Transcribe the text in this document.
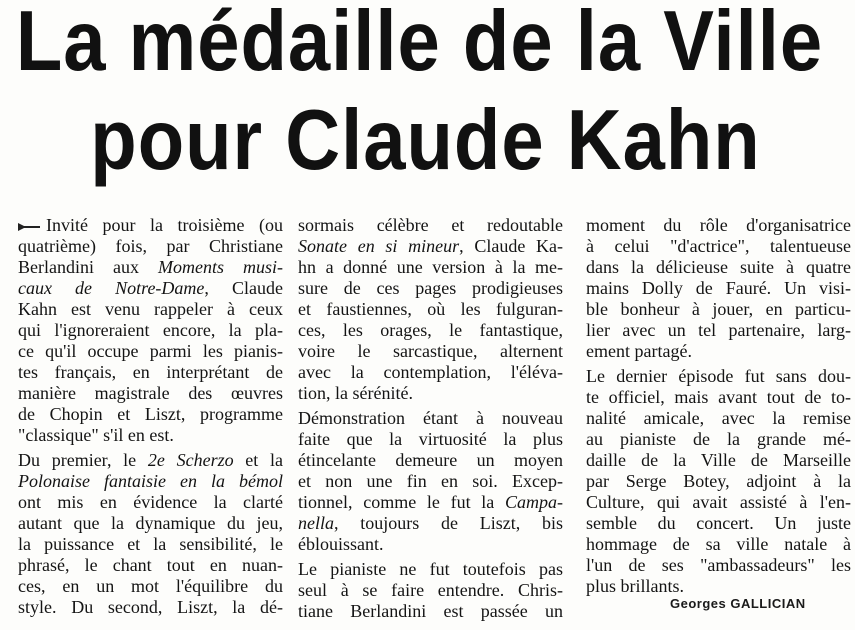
La médaille de la Ville
pour Claude Kahn
Invité pour la troisième (ou
quatrième) fois, par Christiane
Berlandini aux Moments musi-
caux de Notre-Dame, Claude
Kahn est venu rappeler à ceux
qui l'ignoreraient encore, la pla-
ce qu'il occupe parmi les pianis-
tes français, en interprétant de
manière magistrale des œuvres
de Chopin et Liszt, programme
"classique" s'il en est.
Du premier, le 2e Scherzo et la
Polonaise fantaisie en la bémol
ont mis en évidence la clarté
autant que la dynamique du jeu,
la puissance et la sensibilité, le
phrasé, le chant tout en nuan-
ces, en un mot l'équilibre du
style. Du second, Liszt, la dé-
sormais célèbre et redoutable
Sonate en si mineur, Claude Ka-
hn a donné une version à la me-
sure de ces pages prodigieuses
et faustiennes, où les fulguran-
ces, les orages, le fantastique,
voire le sarcastique, alternent
avec la contemplation, l'éléva-
tion, la sérénité.
Démonstration étant à nouveau
faite que la virtuosité la plus
étincelante demeure un moyen
et non une fin en soi. Excep-
tionnel, comme le fut la Campa-
nella, toujours de Liszt, bis
éblouissant.
Le pianiste ne fut toutefois pas
seul à se faire entendre. Chris-
tiane Berlandini est passée un
moment du rôle d'organisatrice
à celui "d'actrice", talentueuse
dans la délicieuse suite à quatre
mains Dolly de Fauré. Un visi-
ble bonheur à jouer, en particu-
lier avec un tel partenaire, larg-
ement partagé.
Le dernier épisode fut sans dou-
te officiel, mais avant tout de to-
nalité amicale, avec la remise
au pianiste de la grande mé-
daille de la Ville de Marseille
par Serge Botey, adjoint à la
Culture, qui avait assisté à l'en-
semble du concert. Un juste
hommage de sa ville natale à
l'un de ses "ambassadeurs" les
plus brillants.
Georges GALLICIAN
